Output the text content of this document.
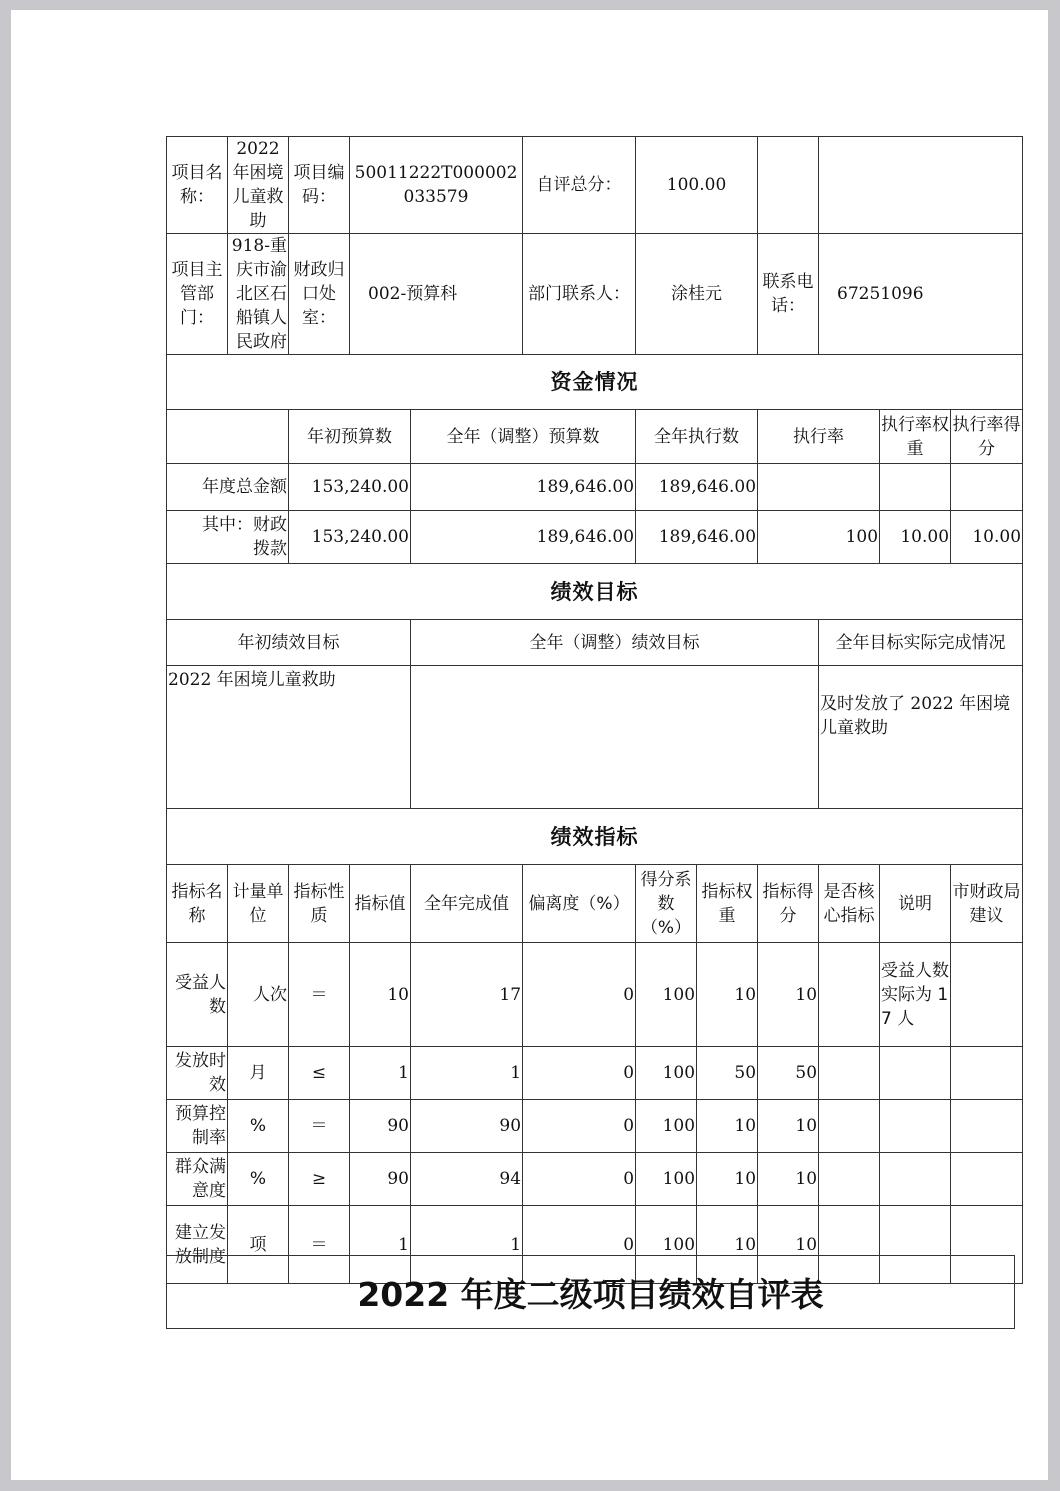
项目名称：	2022 年困境儿童救助	项目编码：	50011222T000002033579		自评总分：	100.00					
项目主管部门：	918-重庆市渝北区石船镇人民政府	财政归口处室：	002-预算科		部门联系人：	涂桂元		联系电话：	67251096		
资金情况											
		年初预算数		全年（调整）预算数		全年执行数		执行率		执行率权重	执行率得分
年度总金额		153,240.00		189,646.00		189,646.00					
其中：财政拨款		153,240.00		189,646.00		189,646.00		100		10.00	10.00
绩效目标											
年初绩效目标				全年（调整）绩效目标					全年目标实际完成情况		
2022 年困境儿童救助									及时发放了 2022 年困境儿童救助		
绩效指标											
指标名称	计量单位	指标性质	指标值	全年完成值	偏离度（%）	得分系数（%）	指标权重	指标得分	是否核心指标	说明	市财政局建议
受益人数	人次	＝	10	17	0	100	10	10		受益人数实际为 17 人	
发放时效	月	≤	1	1	0	100	50	50			
预算控制率	%	＝	90	90	0	100	10	10			
群众满意度	%	≥	90	94	0	100	10	10			
建立发放制度	项	＝	1	1	0	100	10	10			
2022 年度二级项目绩效自评表
